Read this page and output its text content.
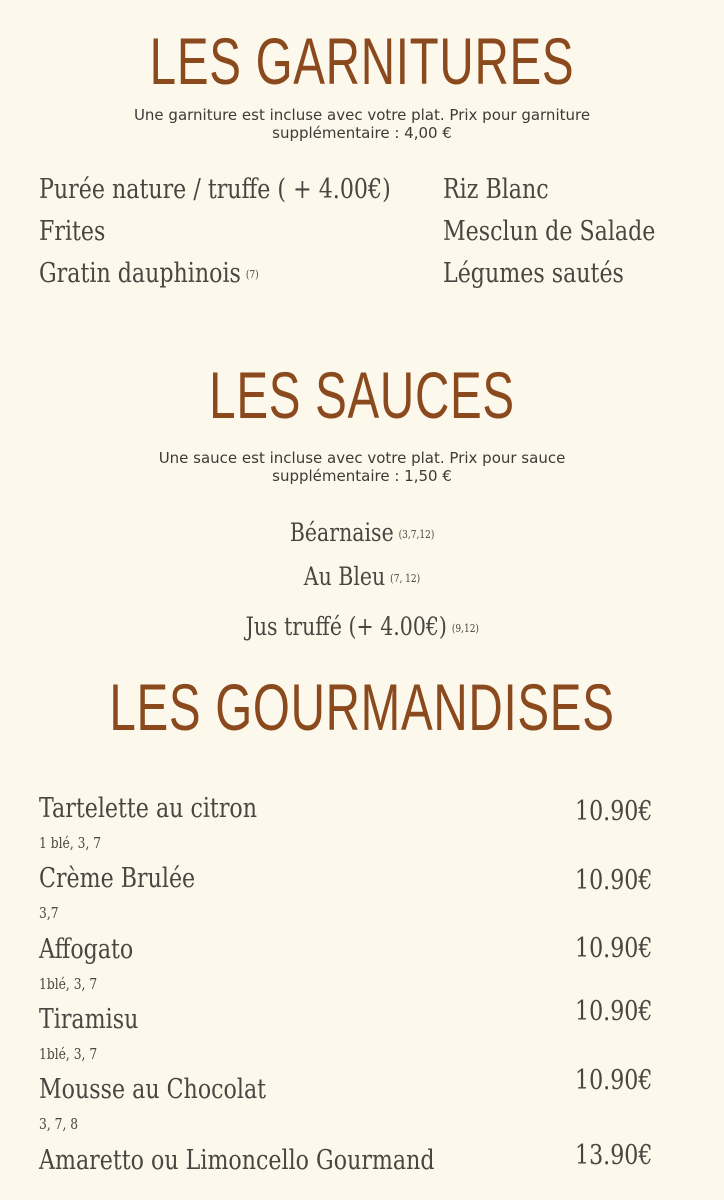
LES GARNITURES
Une garniture est incluse avec votre plat. Prix pour garniture
supplémentaire : 4,00 €
Purée nature / truffe ( + 4.00€)
Frites
Gratin dauphinois (7)
Riz Blanc
Mesclun de Salade
Légumes sautés
LES SAUCES
Une sauce est incluse avec votre plat. Prix pour sauce
supplémentaire : 1,50 €
Béarnaise (3,7,12)
Au Bleu (7, 12)
Jus truffé (+ 4.00€) (9,12)
LES GOURMANDISES
Tartelette au citron
1 blé, 3, 7
10.90€
Crème Brulée
3,7
10.90€
Affogato
1blé, 3, 7
10.90€
Tiramisu
1blé, 3, 7
10.90€
Mousse au Chocolat
3, 7, 8
10.90€
Amaretto ou Limoncello Gourmand	13.90€
